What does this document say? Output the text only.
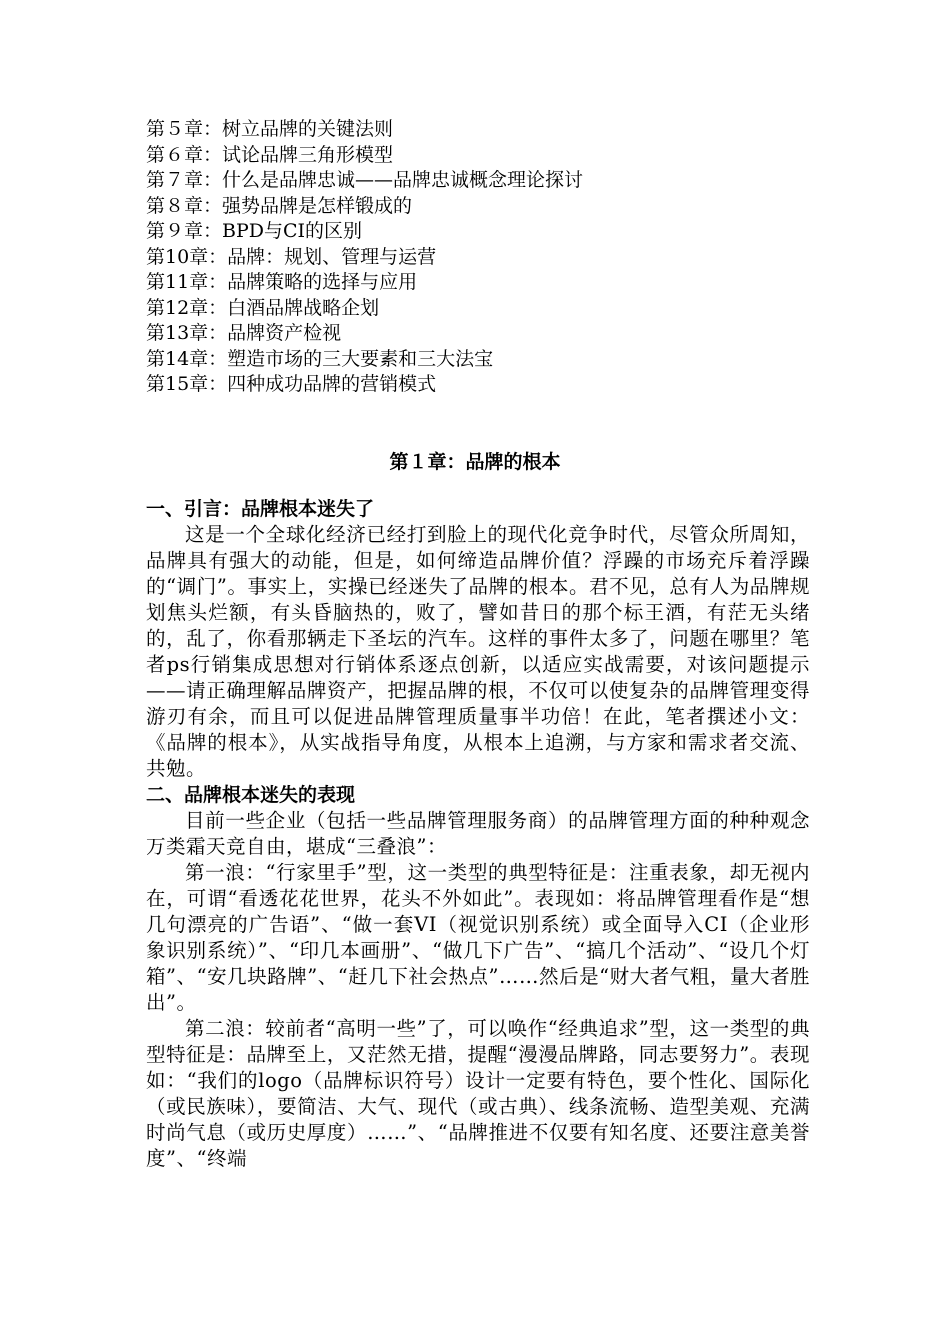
第５章：树立品牌的关键法则
第６章：试论品牌三角形模型
第７章：什么是品牌忠诚——品牌忠诚概念理论探讨
第８章：强势品牌是怎样锻成的
第９章：BPD与CI的区别
第10章：品牌：规划、管理与运营
第11章：品牌策略的选择与应用
第12章：白酒品牌战略企划
第13章：品牌资产检视
第14章：塑造市场的三大要素和三大法宝
第15章：四种成功品牌的营销模式
第１章：品牌的根本
一、引言：品牌根本迷失了

这是一个全球化经济已经打到脸上的现代化竞争时代，尽管众所周知，品牌具有强大的动能，但是，如何缔造品牌价值？浮躁的市场充斥着浮躁的“调门”。事实上，实操已经迷失了品牌的根本。君不见，总有人为品牌规划焦头烂额，有头昏脑热的，败了，譬如昔日的那个标王酒，有茫无头绪的，乱了，你看那辆走下圣坛的汽车。这样的事件太多了，问题在哪里？笔者ps行销集成思想对行销体系逐点创新，以适应实战需要，对该问题提示——请正确理解品牌资产，把握品牌的根，不仅可以使复杂的品牌管理变得游刃有余，而且可以促进品牌管理质量事半功倍！在此，笔者撰述小文：《品牌的根本》，从实战指导角度，从根本上追溯，与方家和需求者交流、共勉。

二、品牌根本迷失的表现

目前一些企业（包括一些品牌管理服务商）的品牌管理方面的种种观念万类霜天竞自由，堪成“三叠浪”：

第一浪：“行家里手”型，这一类型的典型特征是：注重表象，却无视内在，可谓“看透花花世界，花头不外如此”。表现如：将品牌管理看作是“想几句漂亮的广告语”、“做一套VI（视觉识别系统）或全面导入CI（企业形象识别系统）”、“印几本画册”、“做几下广告”、“搞几个活动”、“设几个灯箱”、“安几块路牌”、“赶几下社会热点”……然后是“财大者气粗，量大者胜出”。

第二浪：较前者“高明一些”了，可以唤作“经典追求”型，这一类型的典型特征是：品牌至上，又茫然无措，提醒“漫漫品牌路，同志要努力”。表现如：“我们的logo（品牌标识符号）设计一定要有特色，要个性化、国际化（或民族味），要简洁、大气、现代（或古典）、线条流畅、造型美观、充满时尚气息（或历史厚度）……”、“品牌推进不仅要有知名度、还要注意美誉度”、“终端
